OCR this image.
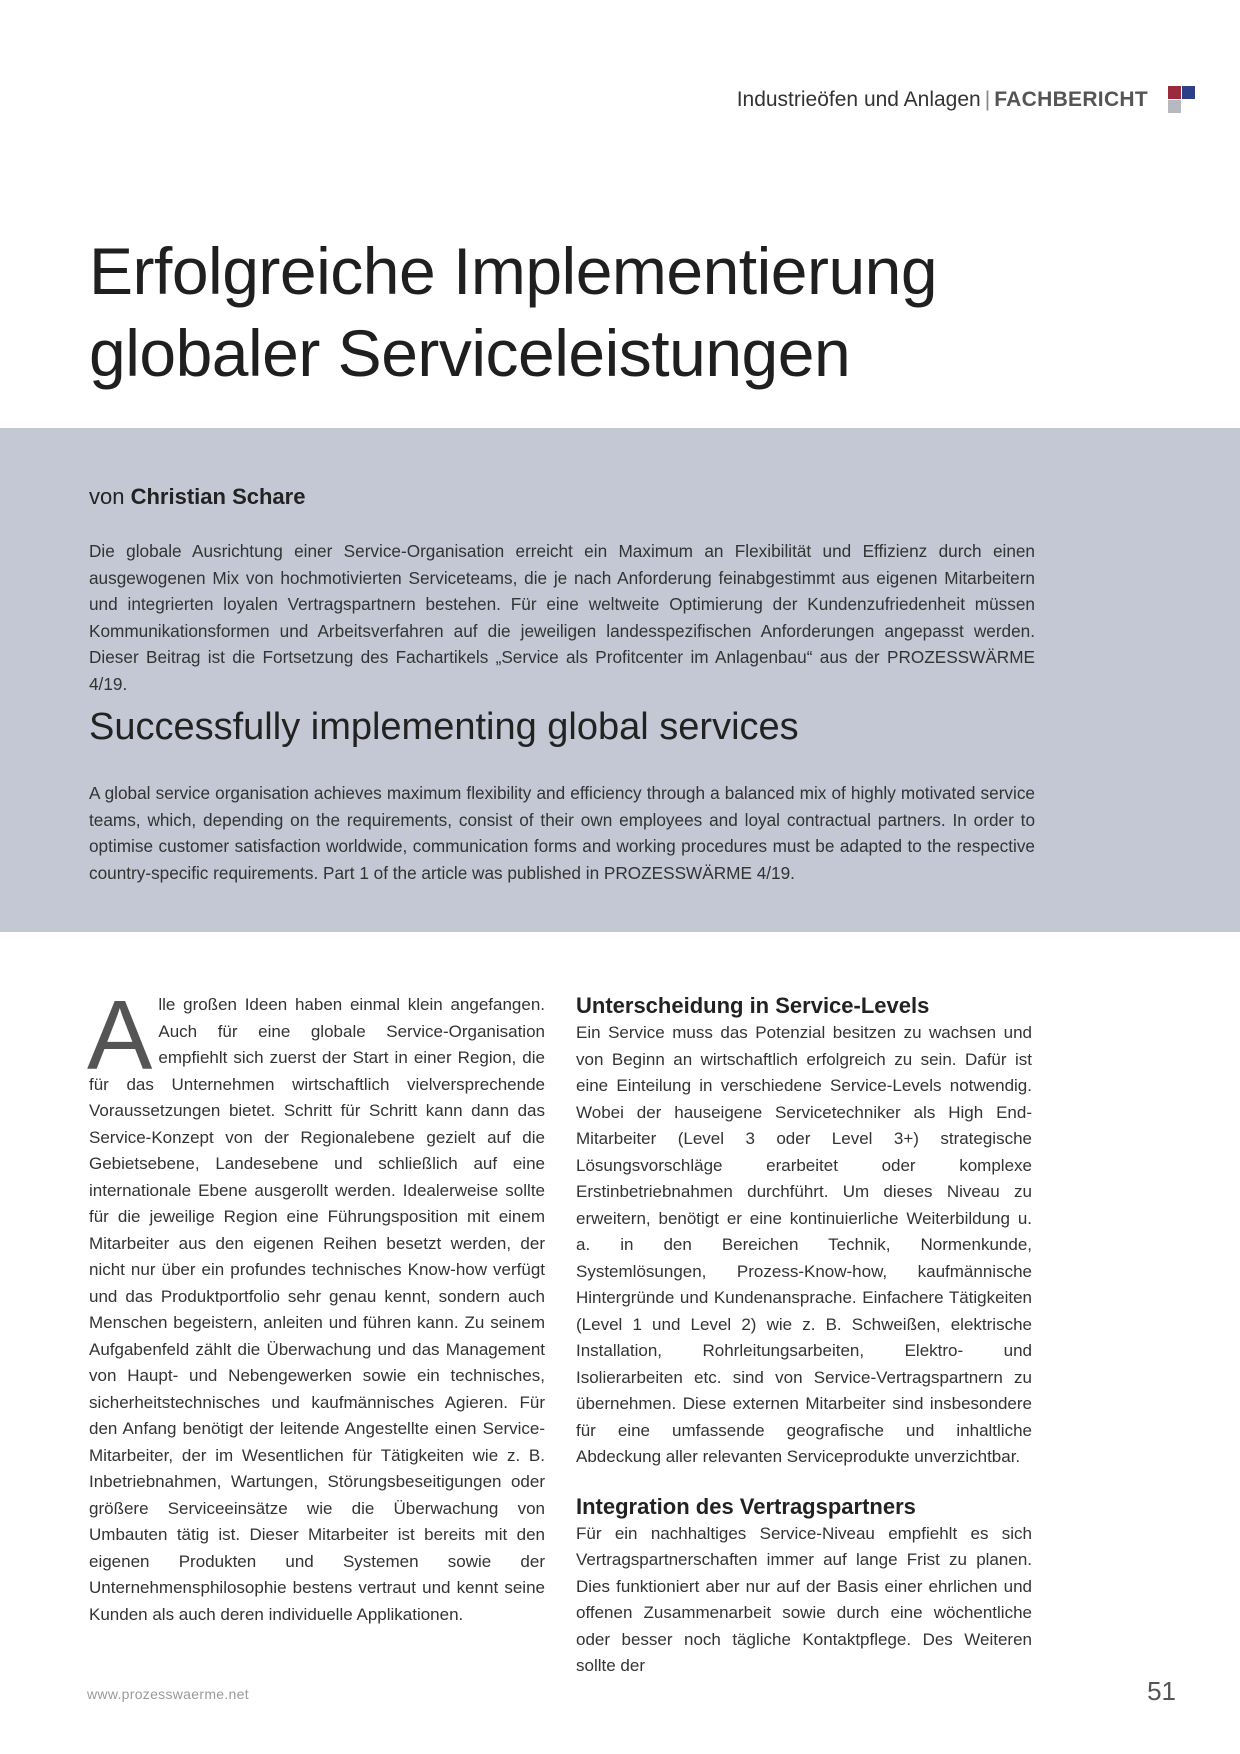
Industrieöfen und Anlagen | FACHBERICHT
Erfolgreiche Implementierung
globaler Serviceleistungen
von Christian Schare

Die globale Ausrichtung einer Service-Organisation erreicht ein Maximum an Flexibilität und Effizienz durch einen ausgewogenen Mix von hochmotivierten Serviceteams, die je nach Anforderung feinabgestimmt aus eigenen Mitarbeitern und integrierten loyalen Vertragspartnern bestehen. Für eine weltweite Optimierung der Kundenzufriedenheit müssen Kommunikationsformen und Arbeitsverfahren auf die jeweiligen landesspezifischen Anforderungen angepasst werden. Dieser Beitrag ist die Fortsetzung des Fachartikels „Service als Profitcenter im Anlagenbau“ aus der PROZESSWÄRME 4/19.

Successfully implementing global services

A global service organisation achieves maximum flexibility and efficiency through a balanced mix of highly motivated service teams, which, depending on the requirements, consist of their own employees and loyal contractual partners. In order to optimise customer satisfaction worldwide, communication forms and working procedures must be adapted to the respective country-specific requirements. Part 1 of the article was published in PROZESSWÄRME 4/19.

Alle großen Ideen haben einmal klein angefangen. Auch für eine globale Service-Organisation empfiehlt sich zuerst der Start in einer Region, die für das Unternehmen wirtschaftlich vielversprechende Voraussetzungen bietet. Schritt für Schritt kann dann das Service-Konzept von der Regionalebene gezielt auf die Gebietsebene, Landesebene und schließlich auf eine internationale Ebene ausgerollt werden. Idealerweise sollte für die jeweilige Region eine Führungsposition mit einem Mitarbeiter aus den eigenen Reihen besetzt werden, der nicht nur über ein profundes technisches Know-how verfügt und das Produktportfolio sehr genau kennt, sondern auch Menschen begeistern, anleiten und führen kann. Zu seinem Aufgabenfeld zählt die Überwachung und das Management von Haupt- und Nebengewerken sowie ein technisches, sicherheitstechnisches und kaufmännisches Agieren. Für den Anfang benötigt der leitende Angestellte einen Service-Mitarbeiter, der im Wesentlichen für Tätigkeiten wie z. B. Inbetriebnahmen, Wartungen, Störungsbeseitigungen oder größere Serviceeinsätze wie die Überwachung von Umbauten tätig ist. Dieser Mitarbeiter ist bereits mit den eigenen Produkten und Systemen sowie der Unternehmensphilosophie bestens vertraut und kennt seine Kunden als auch deren individuelle Applikationen.

Unterscheidung in Service-Levels

Ein Service muss das Potenzial besitzen zu wachsen und von Beginn an wirtschaftlich erfolgreich zu sein. Dafür ist eine Einteilung in verschiedene Service-Levels notwendig. Wobei der hauseigene Servicetechniker als High End-Mitarbeiter (Level 3 oder Level 3+) strategische Lösungsvorschläge erarbeitet oder komplexe Erstinbetriebnahmen durchführt. Um dieses Niveau zu erweitern, benötigt er eine kontinuierliche Weiterbildung u. a. in den Bereichen Technik, Normenkunde, Systemlösungen, Prozess-Know-how, kaufmännische Hintergründe und Kundenansprache. Einfachere Tätigkeiten (Level 1 und Level 2) wie z. B. Schweißen, elektrische Installation, Rohrleitungsarbeiten, Elektro- und Isolierarbeiten etc. sind von Service-Vertragspartnern zu übernehmen. Diese externen Mitarbeiter sind insbesondere für eine umfassende geografische und inhaltliche Abdeckung aller relevanten Serviceprodukte unverzichtbar.

Integration des Vertragspartners

Für ein nachhaltiges Service-Niveau empfiehlt es sich Vertragspartnerschaften immer auf lange Frist zu planen. Dies funktioniert aber nur auf der Basis einer ehrlichen und offenen Zusammenarbeit sowie durch eine wöchentliche oder besser noch tägliche Kontaktpflege. Des Weiteren sollte der

www.prozesswaerme.net	51
